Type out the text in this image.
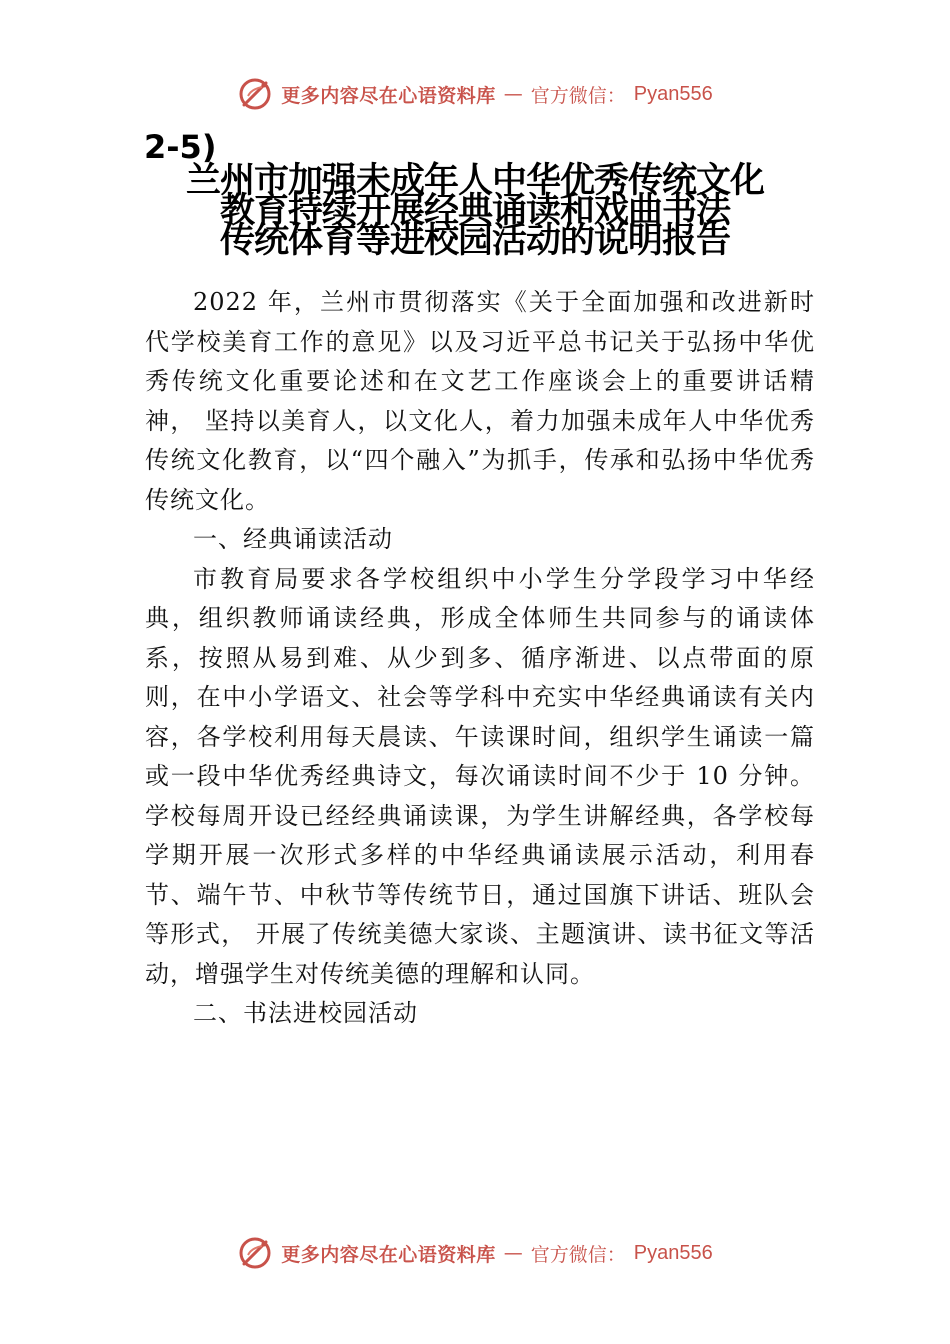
更多内容尽在心语资料库 — 官方微信： Pyan556

2-5)

兰州市加强未成年人中华优秀传统文化
教育持续开展经典诵读和戏曲书法
传统体育等进校园活动的说明报告

2022 年，兰州市贯彻落实《关于全面加强和改进新时代学校美育工作的意见》以及习近平总书记关于弘扬中华优秀传统文化重要论述和在文艺工作座谈会上的重要讲话精神， 坚持以美育人，以文化人，着力加强未成年人中华优秀传统文化教育，以“四个融入”为抓手，传承和弘扬中华优秀传统文化。

一、经典诵读活动

市教育局要求各学校组织中小学生分学段学习中华经典，组织教师诵读经典，形成全体师生共同参与的诵读体系，按照从易到难、从少到多、循序渐进、以点带面的原则，在中小学语文、社会等学科中充实中华经典诵读有关内容，各学校利用每天晨读、午读课时间，组织学生诵读一篇或一段中华优秀经典诗文，每次诵读时间不少于 10 分钟。学校每周开设已经经典诵读课，为学生讲解经典，各学校每学期开展一次形式多样的中华经典诵读展示活动，利用春节、端午节、中秋节等传统节日，通过国旗下讲话、班队会等形式， 开展了传统美德大家谈、主题演讲、读书征文等活动，增强学生对传统美德的理解和认同。

二、书法进校园活动

更多内容尽在心语资料库 — 官方微信： Pyan556
